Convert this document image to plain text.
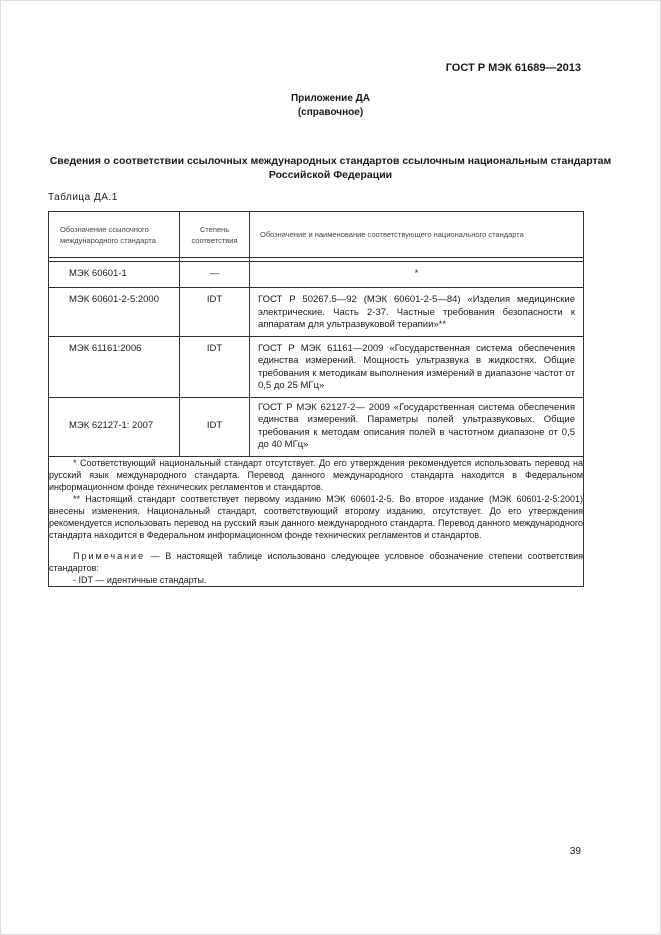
ГОСТ Р МЭК 61689—2013
Приложение ДА
(справочное)
Сведения о соответствии ссылочных международных стандартов ссылочным национальным стандартам Российской Федерации
Таблица ДА.1
Обозначение ссылочного международного стандарта	Степень соответствия	Обозначение и наименование соответствующего национального стандарта

МЭК 60601-1	—	*
МЭК 60601-2-5:2000	IDT	ГОСТ Р 50267.5—92 (МЭК 60601-2-5—84) «Изделия медицинские электрические. Часть 2-37. Частные требования безопасности к аппаратам для ультразвуковой терапии»**
МЭК 61161:2006	IDT	ГОСТ Р МЭК 61161—2009 «Государственная система обеспечения единства измерений. Мощность ультразвука в жидкостях. Общие требования к методикам выполнения измерений в диапазоне частот от 0,5 до 25 МГц»
МЭК 62127-1: 2007	IDT	ГОСТ Р МЭК 62127-2— 2009 «Государственная система обеспечения единства измерений. Параметры полей ультразвуковых. Общие требования к методам описания полей в частотном диапазоне от 0,5 до 40 МГц»

* Соответствующий национальный стандарт отсутствует. До его утверждения рекомендуется использовать перевод на русский язык международного стандарта. Перевод данного международного стандарта находится в Федеральном информационном фонде технических регламентов и стандартов.

** Настоящий стандарт соответствует первому изданию МЭК 60601-2-5. Во второе издание (МЭК 60601-2-5:2001) внесены изменения. Национальный стандарт, соответствующий второму изданию, отсутствует. До его утверждения рекомендуется использовать перевод на русский язык данного международного стандарта. Перевод данного международного стандарта находится в Федеральном информационном фонде технических регламентов и стандартов.

Примечание — В настоящей таблице использовано следующее условное обозначение степени соответствия стандартов:

- IDT — идентичные стандарты.		

39
